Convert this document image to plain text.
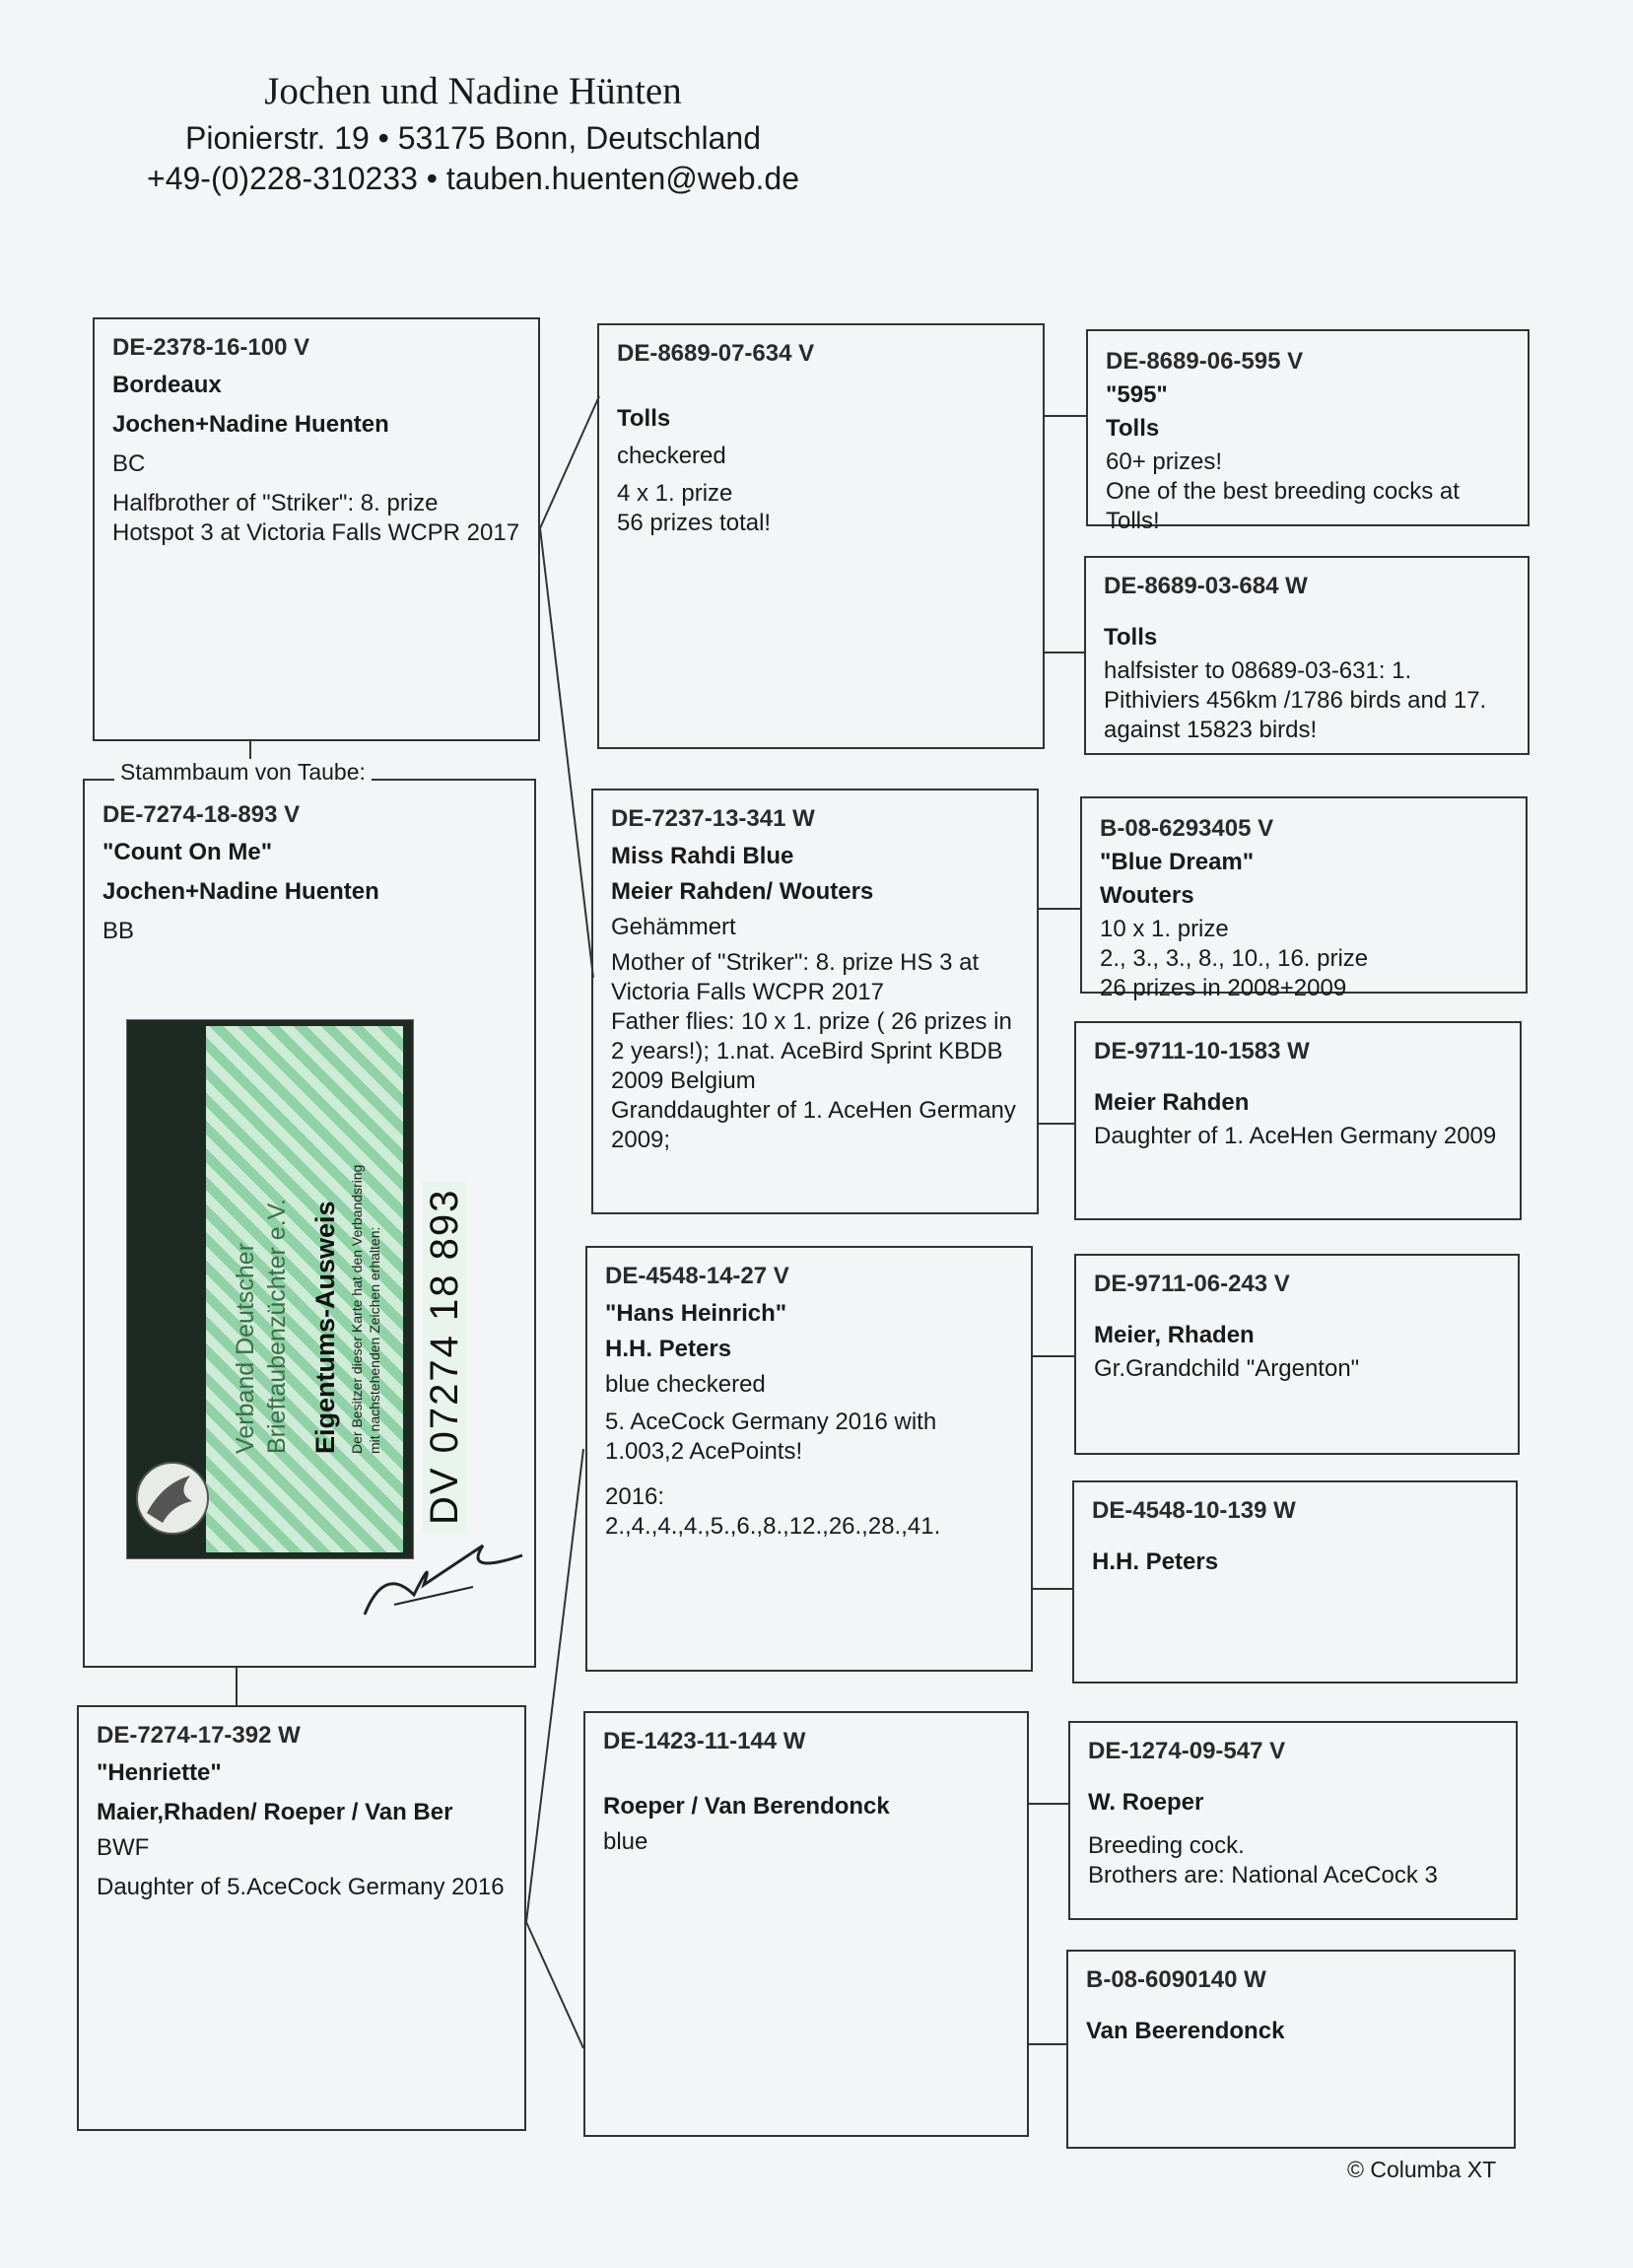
Jochen und Nadine Hünten
Pionierstr. 19 • 53175 Bonn, Deutschland
+49-(0)228-310233 • tauben.huenten@web.de
DE-2378-16-100 V
Bordeaux
Jochen+Nadine Huenten
BC
Halfbrother of "Striker": 8. prize Hotspot 3 at Victoria Falls WCPR 2017
DE-7274-18-893 V
"Count On Me"
Jochen+Nadine Huenten
BB
Stammbaum von Taube:
Verband Deutscher Brieftaubenzüchter e.V. Eigentums-Ausweis Der Besitzer dieser Karte hat den Verbandsring mit nachstehenden Zeichen erhalten: DV 07274 18 893
DE-7274-17-392 W
"Henriette"
Maier,Rhaden/ Roeper / Van Ber
BWF
Daughter of 5.AceCock Germany 2016
DE-8689-07-634 V
Tolls
checkered
4 x 1. prize
56 prizes total!
DE-7237-13-341 W
Miss Rahdi Blue
Meier Rahden/ Wouters
Gehämmert
Mother of "Striker": 8. prize HS 3 at Victoria Falls WCPR 2017
Father flies: 10 x 1. prize ( 26 prizes in 2 years!); 1.nat. AceBird Sprint KBDB 2009 Belgium
Granddaughter of 1. AceHen Germany 2009;
DE-4548-14-27 V
"Hans Heinrich"
H.H. Peters
blue checkered
5. AceCock Germany 2016 with 1.003,2 AcePoints!
2016:
2.,4.,4.,4.,5.,6.,8.,12.,26.,28.,41.
DE-1423-11-144 W
Roeper / Van Berendonck
blue
DE-8689-06-595 V
"595"
Tolls
60+ prizes!
One of the best breeding cocks at Tolls!
DE-8689-03-684 W
Tolls
halfsister to 08689-03-631: 1. Pithiviers 456km /1786 birds and 17. against 15823 birds!
B-08-6293405 V
"Blue Dream"
Wouters
10 x 1. prize
2., 3., 3., 8., 10., 16. prize
26 prizes in 2008+2009
DE-9711-10-1583 W
Meier Rahden
Daughter of 1. AceHen Germany 2009
DE-9711-06-243 V
Meier, Rhaden
Gr.Grandchild "Argenton"
DE-4548-10-139 W
H.H. Peters
DE-1274-09-547 V
W. Roeper
Breeding cock.
Brothers are: National AceCock 3
B-08-6090140 W
Van Beerendonck
© Columba XT
